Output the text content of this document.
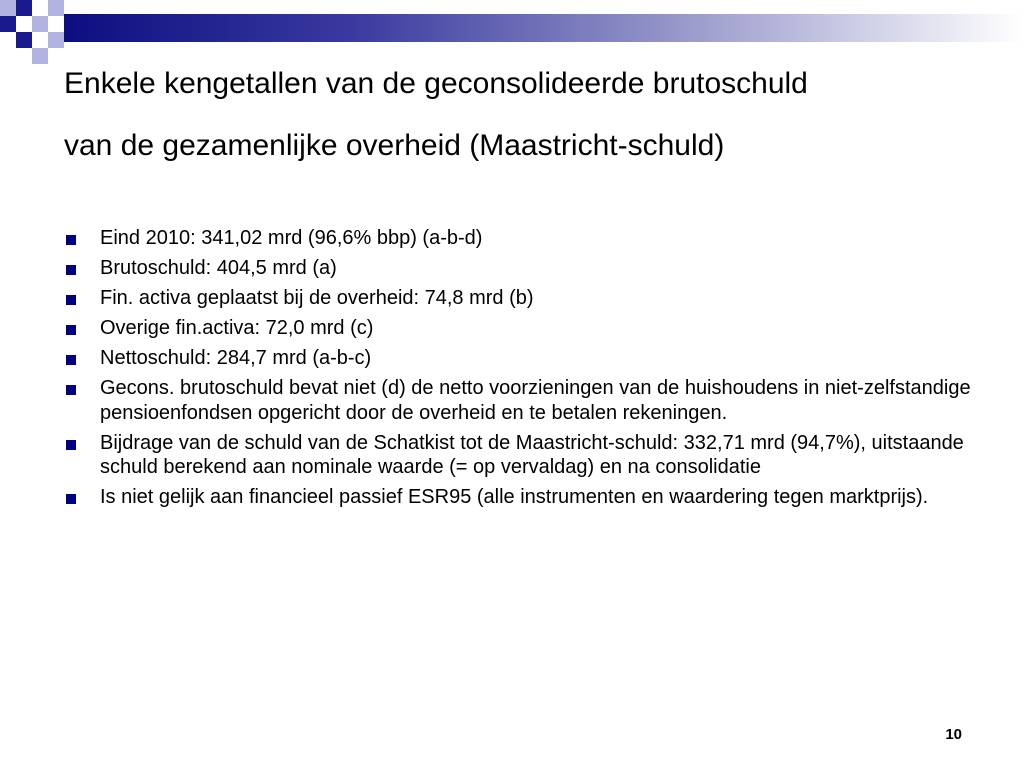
Enkele kengetallen van de geconsolideerde brutoschuld
van de gezamenlijke overheid (Maastricht-schuld)
Eind 2010: 341,02 mrd (96,6% bbp) (a-b-d)
Brutoschuld: 404,5 mrd (a)
Fin. activa geplaatst bij de overheid: 74,8 mrd (b)
Overige fin.activa: 72,0 mrd (c)
Nettoschuld: 284,7 mrd (a-b-c)
Gecons. brutoschuld bevat niet (d) de netto voorzieningen van de huishoudens in niet-zelfstandige pensioenfondsen opgericht door de overheid en te betalen rekeningen.
Bijdrage van de schuld van de Schatkist tot de Maastricht-schuld: 332,71 mrd (94,7%), uitstaande schuld berekend aan nominale waarde (= op vervaldag) en na consolidatie
Is niet gelijk aan financieel passief ESR95 (alle instrumenten en waardering tegen marktprijs).
10
